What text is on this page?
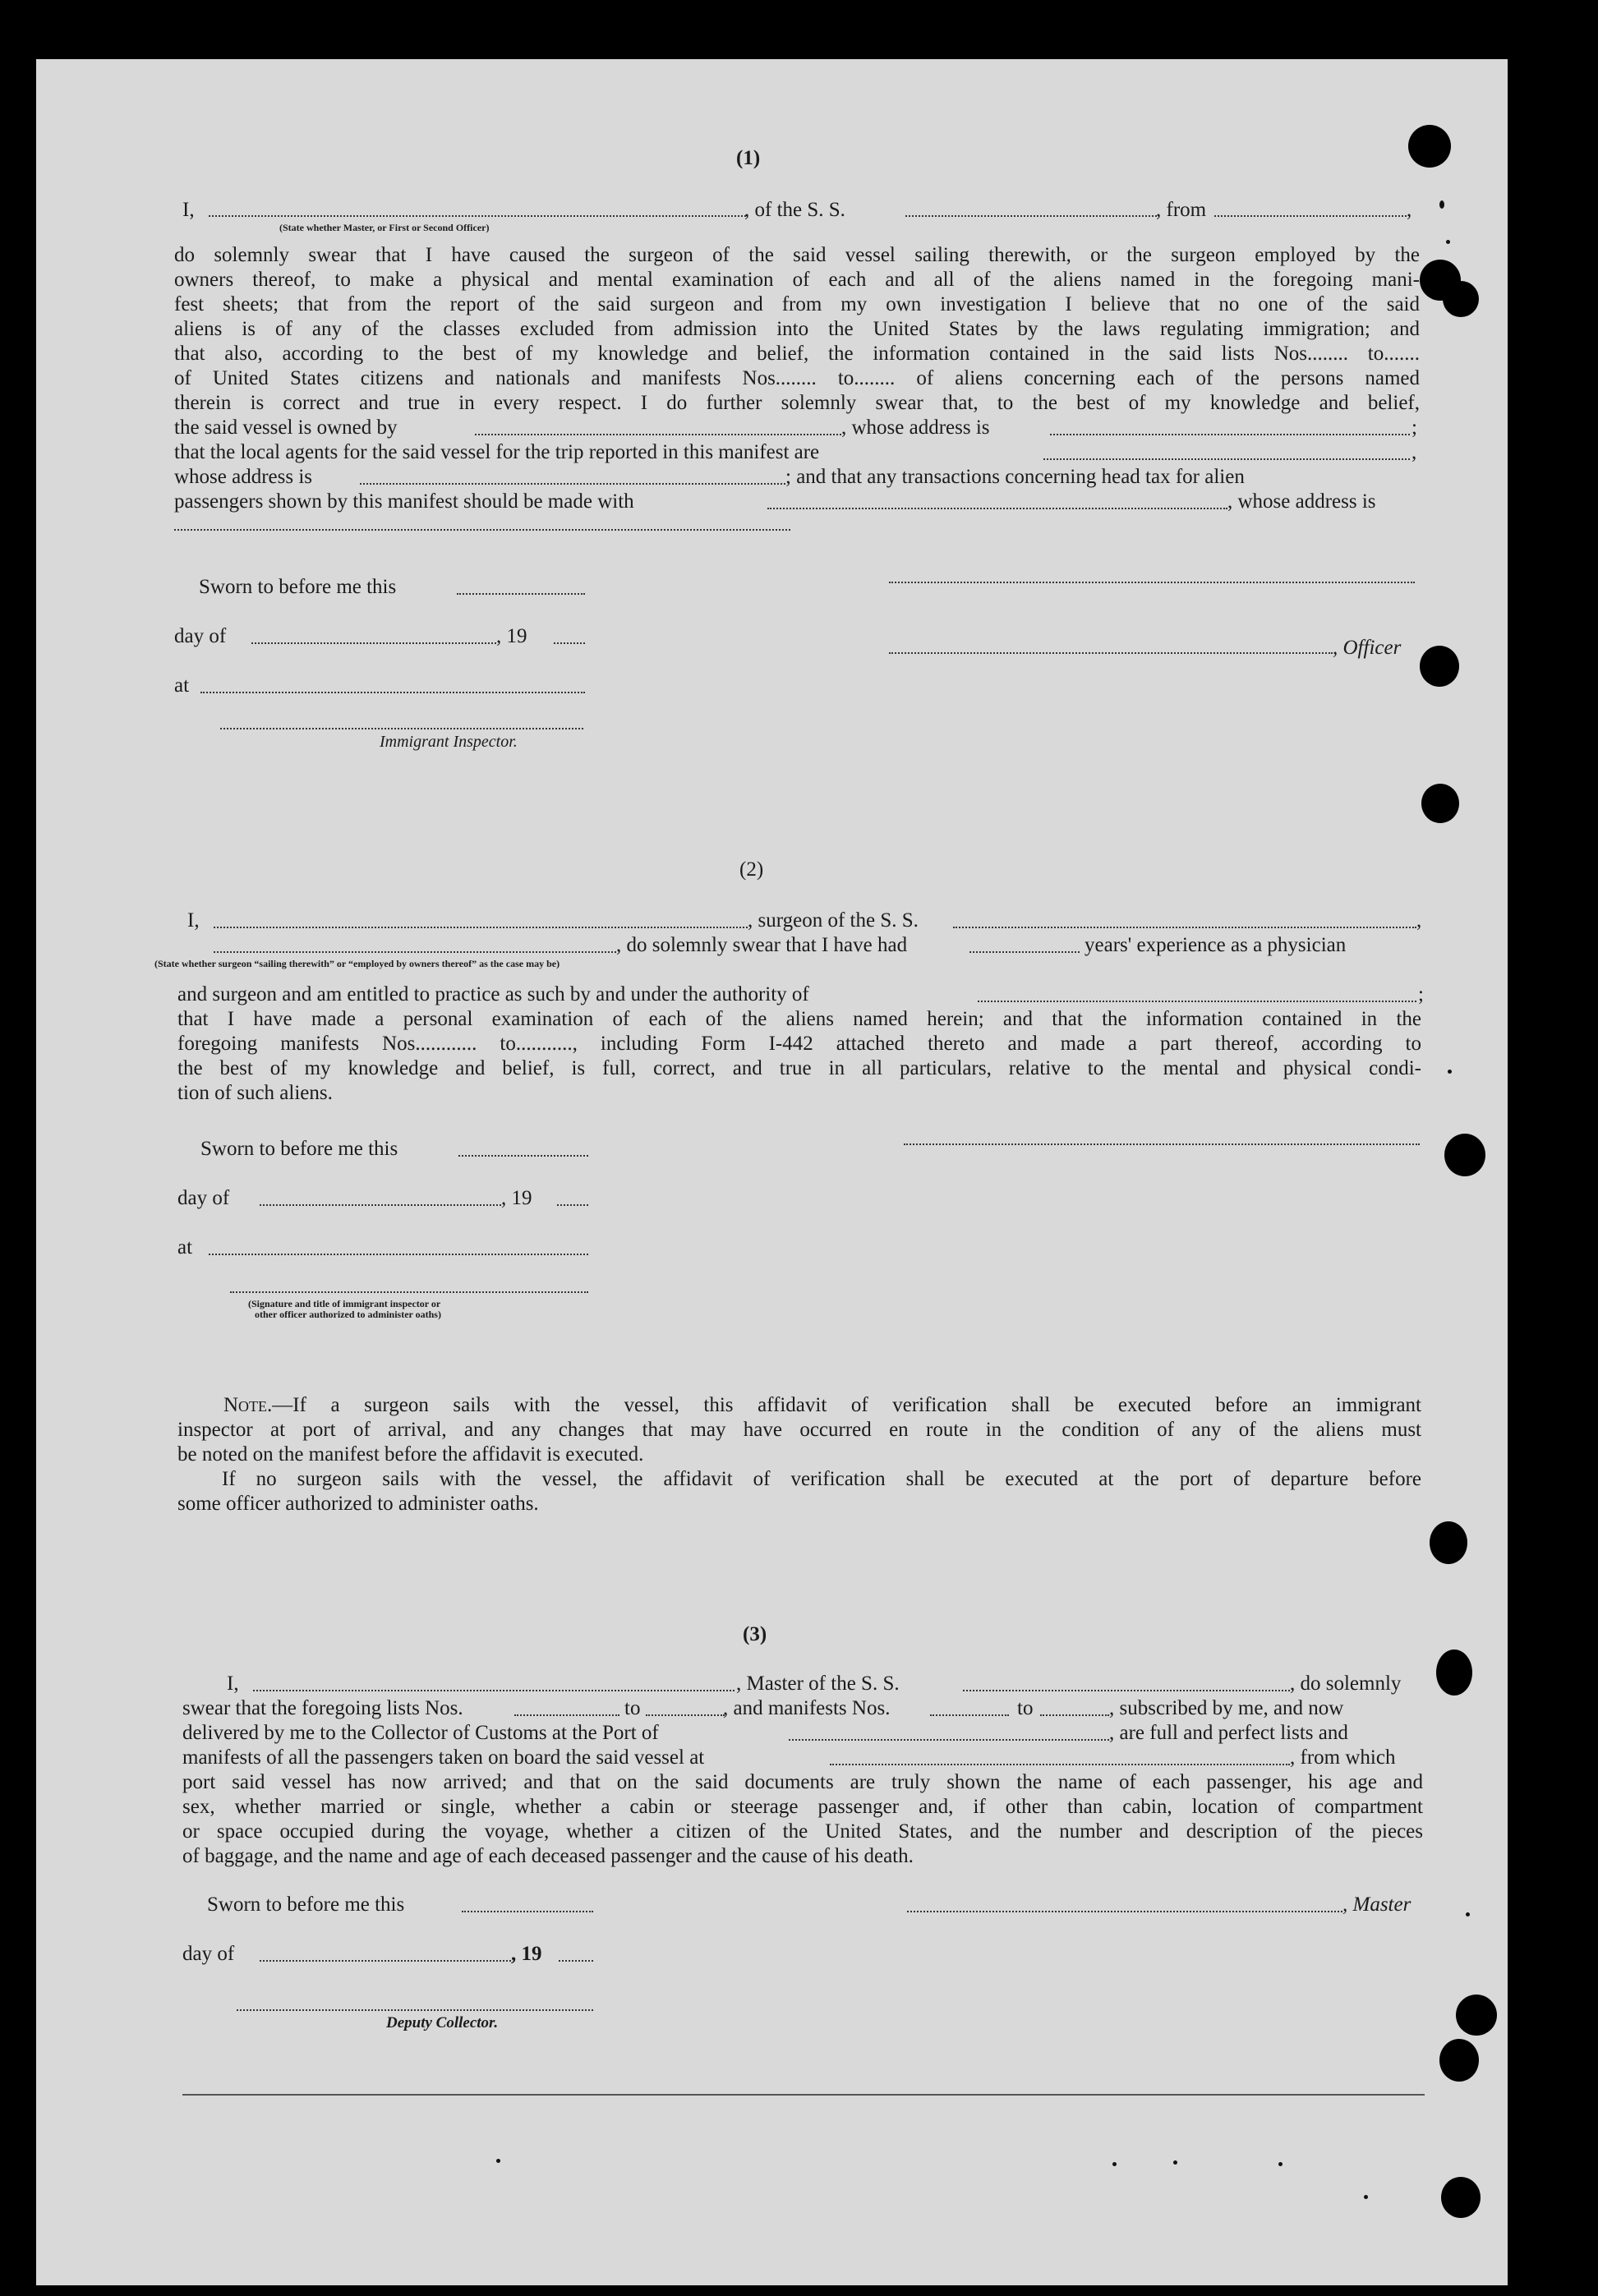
(1)
I,	, of the S. S.	, from	,
(State whether Master, or First or Second Officer)
do solemnly swear that I have caused the surgeon of the said vessel sailing therewith, or the surgeon employed by the
owners thereof, to make a physical and mental examination of each and all of the aliens named in the foregoing mani-
fest sheets; that from the report of the said surgeon and from my own investigation I believe that no one of the said
aliens is of any of the classes excluded from admission into the United States by the laws regulating immigration; and
that also, according to the best of my knowledge and belief, the information contained in the said lists Nos........ to.......
of United States citizens and nationals and manifests Nos........ to........ of aliens concerning each of the persons named
therein is correct and true in every respect. I do further solemnly swear that, to the best of my knowledge and belief,
the said vessel is owned by	, whose address is	;
that the local agents for the said vessel for the trip reported in this manifest are	,
whose address is	; and that any transactions concerning head tax for alien
passengers shown by this manifest should be made with	, whose address is
Sworn to before me this
day of	, 19
, Officer
at
Immigrant Inspector.
(2)
I,	, surgeon of the S. S.	,
, do solemnly swear that I have had	years' experience as a physician
(State whether surgeon “sailing therewith” or “employed by owners thereof” as the case may be)
and surgeon and am entitled to practice as such by and under the authority of	;
that I have made a personal examination of each of the aliens named herein; and that the information contained in the
foregoing manifests Nos............ to..........., including Form I-442 attached thereto and made a part thereof, according to
the best of my knowledge and belief, is full, correct, and true in all particulars, relative to the mental and physical condi-
tion of such aliens.
Sworn to before me this
day of	, 19
at
(Signature and title of immigrant inspector or
other officer authorized to administer oaths)
Note.—If a surgeon sails with the vessel, this affidavit of verification shall be executed before an immigrant
inspector at port of arrival, and any changes that may have occurred en route in the condition of any of the aliens must
be noted on the manifest before the affidavit is executed.
If no surgeon sails with the vessel, the affidavit of verification shall be executed at the port of departure before
some officer authorized to administer oaths.
(3)
I,	, Master of the S. S.	, do solemnly
swear that the foregoing lists Nos.	to	, and manifests Nos.	to	, subscribed by me, and now
delivered by me to the Collector of Customs at the Port of	, are full and perfect lists and
manifests of all the passengers taken on board the said vessel at	, from which
port said vessel has now arrived; and that on the said documents are truly shown the name of each passenger, his age and
sex, whether married or single, whether a cabin or steerage passenger and, if other than cabin, location of compartment
or space occupied during the voyage, whether a citizen of the United States, and the number and description of the pieces
of baggage, and the name and age of each deceased passenger and the cause of his death.
Sworn to before me this	, Master
day of	, 19
Deputy Collector.
